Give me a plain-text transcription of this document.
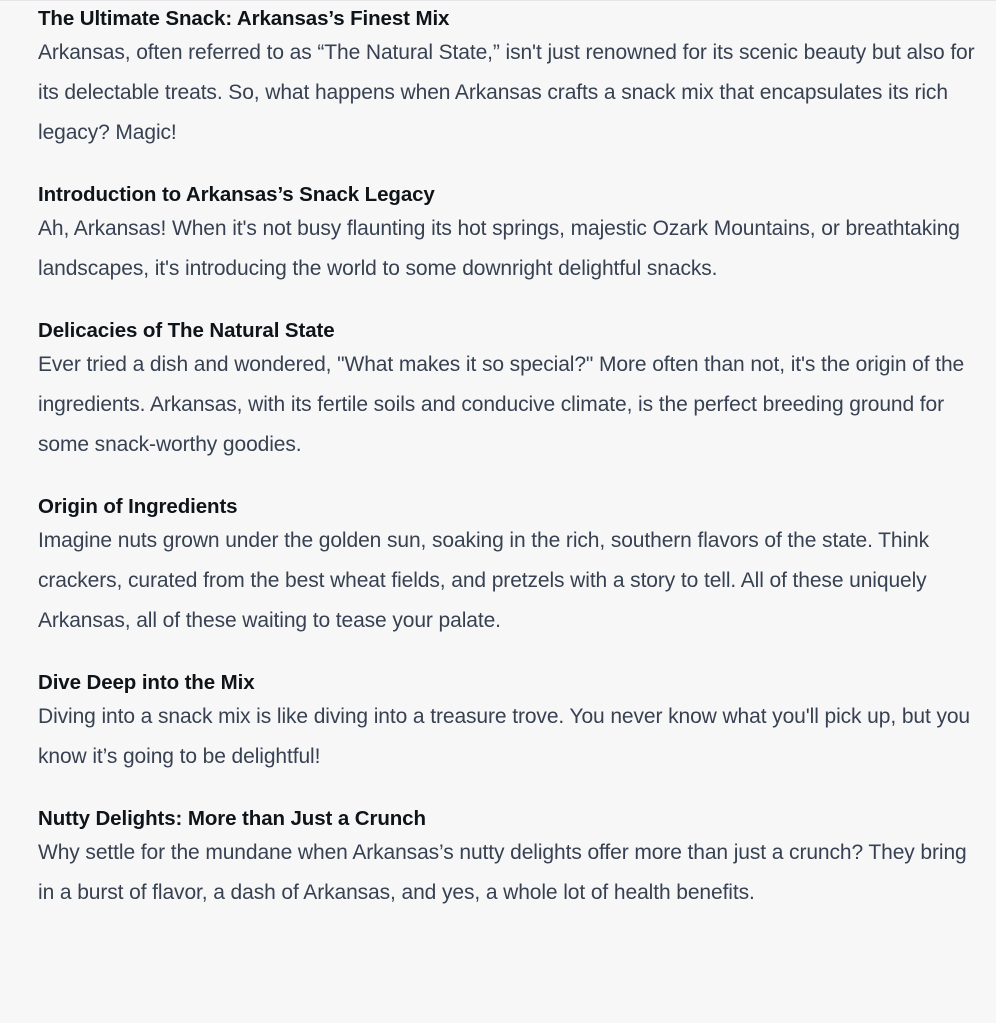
The Ultimate Snack: Arkansas’s Finest Mix

Arkansas, often referred to as “The Natural State,” isn't just renowned for its scenic beauty but also for its delectable treats. So, what happens when Arkansas crafts a snack mix that encapsulates its rich legacy? Magic!

Introduction to Arkansas’s Snack Legacy

Ah, Arkansas! When it's not busy flaunting its hot springs, majestic Ozark Mountains, or breathtaking landscapes, it's introducing the world to some downright delightful snacks.

Delicacies of The Natural State

Ever tried a dish and wondered, "What makes it so special?" More often than not, it's the origin of the ingredients. Arkansas, with its fertile soils and conducive climate, is the perfect breeding ground for some snack-worthy goodies.

Origin of Ingredients

Imagine nuts grown under the golden sun, soaking in the rich, southern flavors of the state. Think crackers, curated from the best wheat fields, and pretzels with a story to tell. All of these uniquely Arkansas, all of these waiting to tease your palate.

Dive Deep into the Mix

Diving into a snack mix is like diving into a treasure trove. You never know what you'll pick up, but you know it’s going to be delightful!

Nutty Delights: More than Just a Crunch

Why settle for the mundane when Arkansas’s nutty delights offer more than just a crunch? They bring in a burst of flavor, a dash of Arkansas, and yes, a whole lot of health benefits.
